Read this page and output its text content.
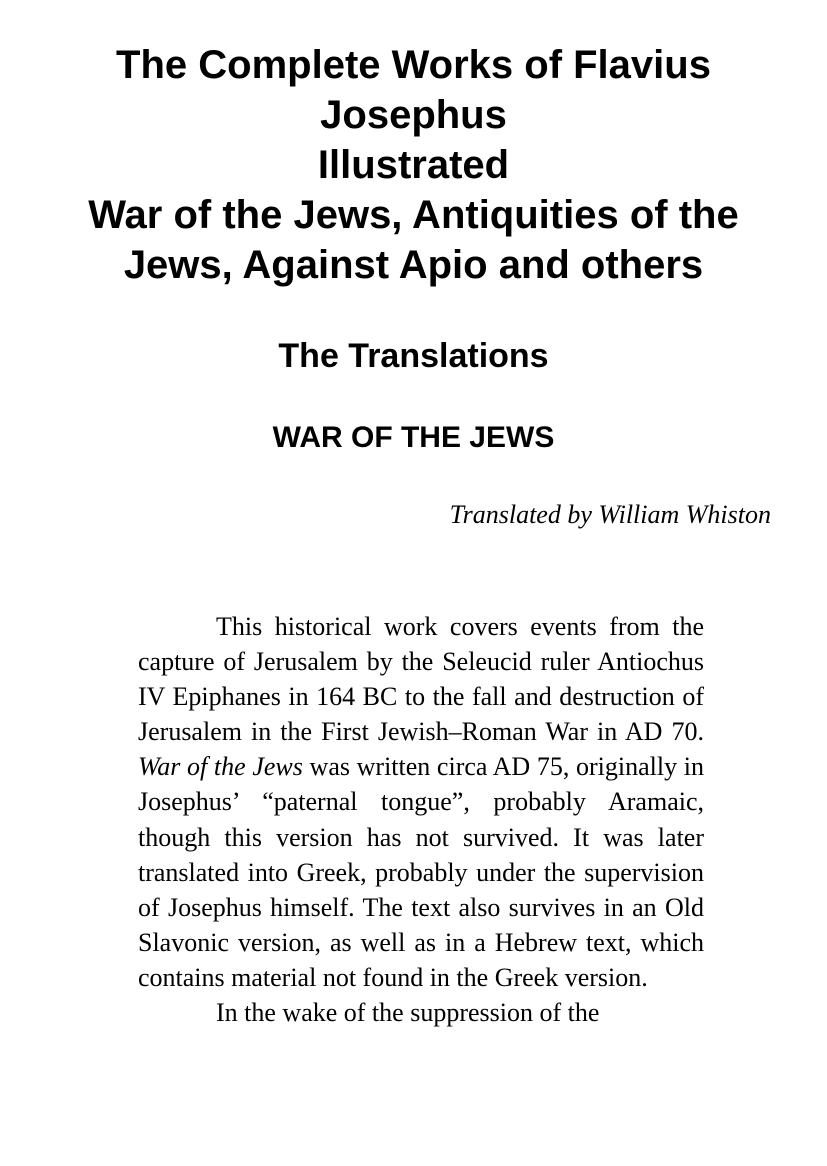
The Complete Works of Flavius
Josephus
Illustrated
War of the Jews, Antiquities of the
Jews, Against Apio and others
The Translations
WAR OF THE JEWS

Translated by William Whiston

This historical work covers events from the capture of Jerusalem by the Seleucid ruler Antiochus IV Epiphanes in 164 BC to the fall and destruction of Jerusalem in the First Jewish–Roman War in AD 70. War of the Jews was written circa AD 75, originally in Josephus’ “paternal tongue”, probably Aramaic, though this version has not survived. It was later translated into Greek, probably under the supervision of Josephus himself. The text also survives in an Old Slavonic version, as well as in a Hebrew text, which contains material not found in the Greek version.

In the wake of the suppression of the
